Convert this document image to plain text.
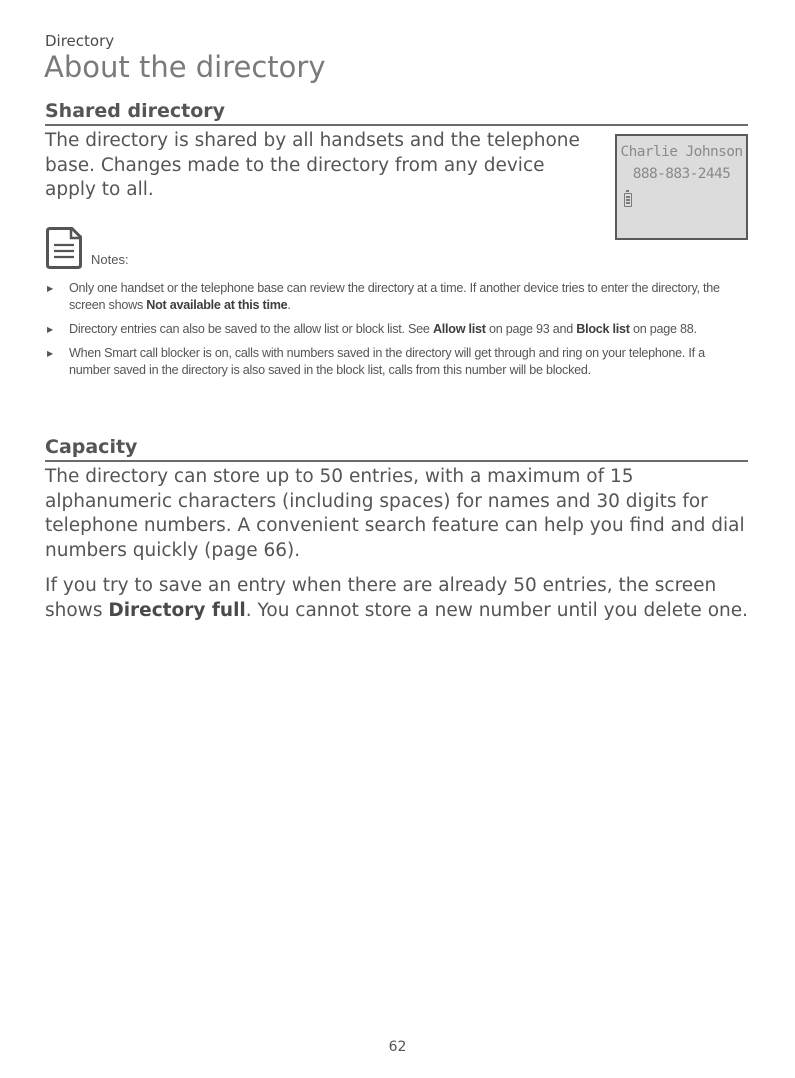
Directory
About the directory
Shared directory

The directory is shared by all handsets and the telephone base. Changes made to the directory from any device apply to all.

Charlie Johnson
888-883-2445
Notes:
▶ Only one handset or the telephone base can review the directory at a time. If another device tries to enter the directory, the screen shows Not available at this time.
▶ Directory entries can also be saved to the allow list or block list. See Allow list on page 93 and Block list on page 88.
▶ When Smart call blocker is on, calls with numbers saved in the directory will get through and ring on your telephone. If a number saved in the directory is also saved in the block list, calls from this number will be blocked.
Capacity

The directory can store up to 50 entries, with a maximum of 15 alphanumeric characters (including spaces) for names and 30 digits for telephone numbers. A convenient search feature can help you find and dial numbers quickly (page 66).

If you try to save an entry when there are already 50 entries, the screen shows Directory full. You cannot store a new number until you delete one.

62
